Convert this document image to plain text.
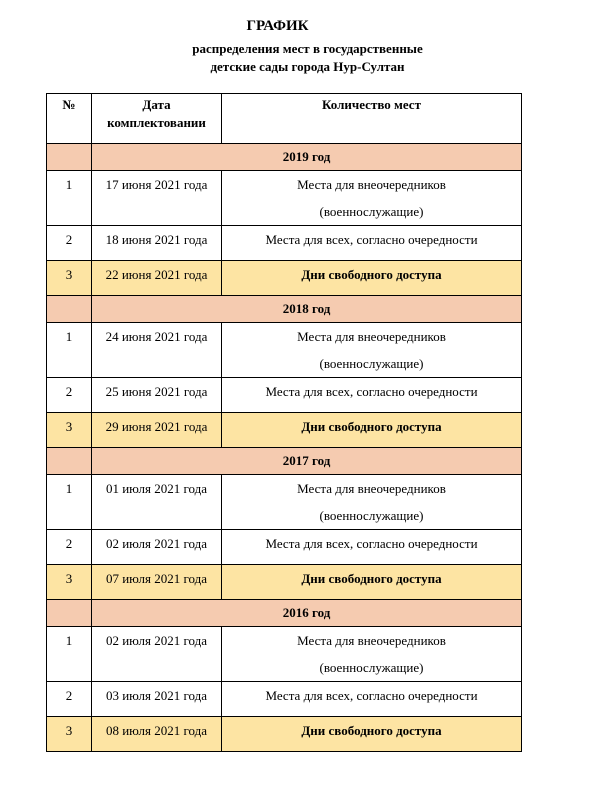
ГРАФИК
распределения мест в государственные
детские сады города Нур-Султан
№	Дата комплектовании	Количество мест
	2019 год	
1	17 июня 2021 года	Места для внеочередников
(военнослужащие)

2	18 июня 2021 года	Места для всех, согласно очередности
3	22 июня 2021 года	Дни свободного доступа
	2018 год	
1	24 июня 2021 года	Места для внеочередников
(военнослужащие)

2	25 июня 2021 года	Места для всех, согласно очередности
3	29 июня 2021 года	Дни свободного доступа
	2017 год	
1	01 июля 2021 года	Места для внеочередников
(военнослужащие)

2	02 июля 2021 года	Места для всех, согласно очередности
3	07 июля 2021 года	Дни свободного доступа
	2016 год	
1	02 июля 2021 года	Места для внеочередников
(военнослужащие)

2	03 июля 2021 года	Места для всех, согласно очередности
3	08 июля 2021 года	Дни свободного доступа
